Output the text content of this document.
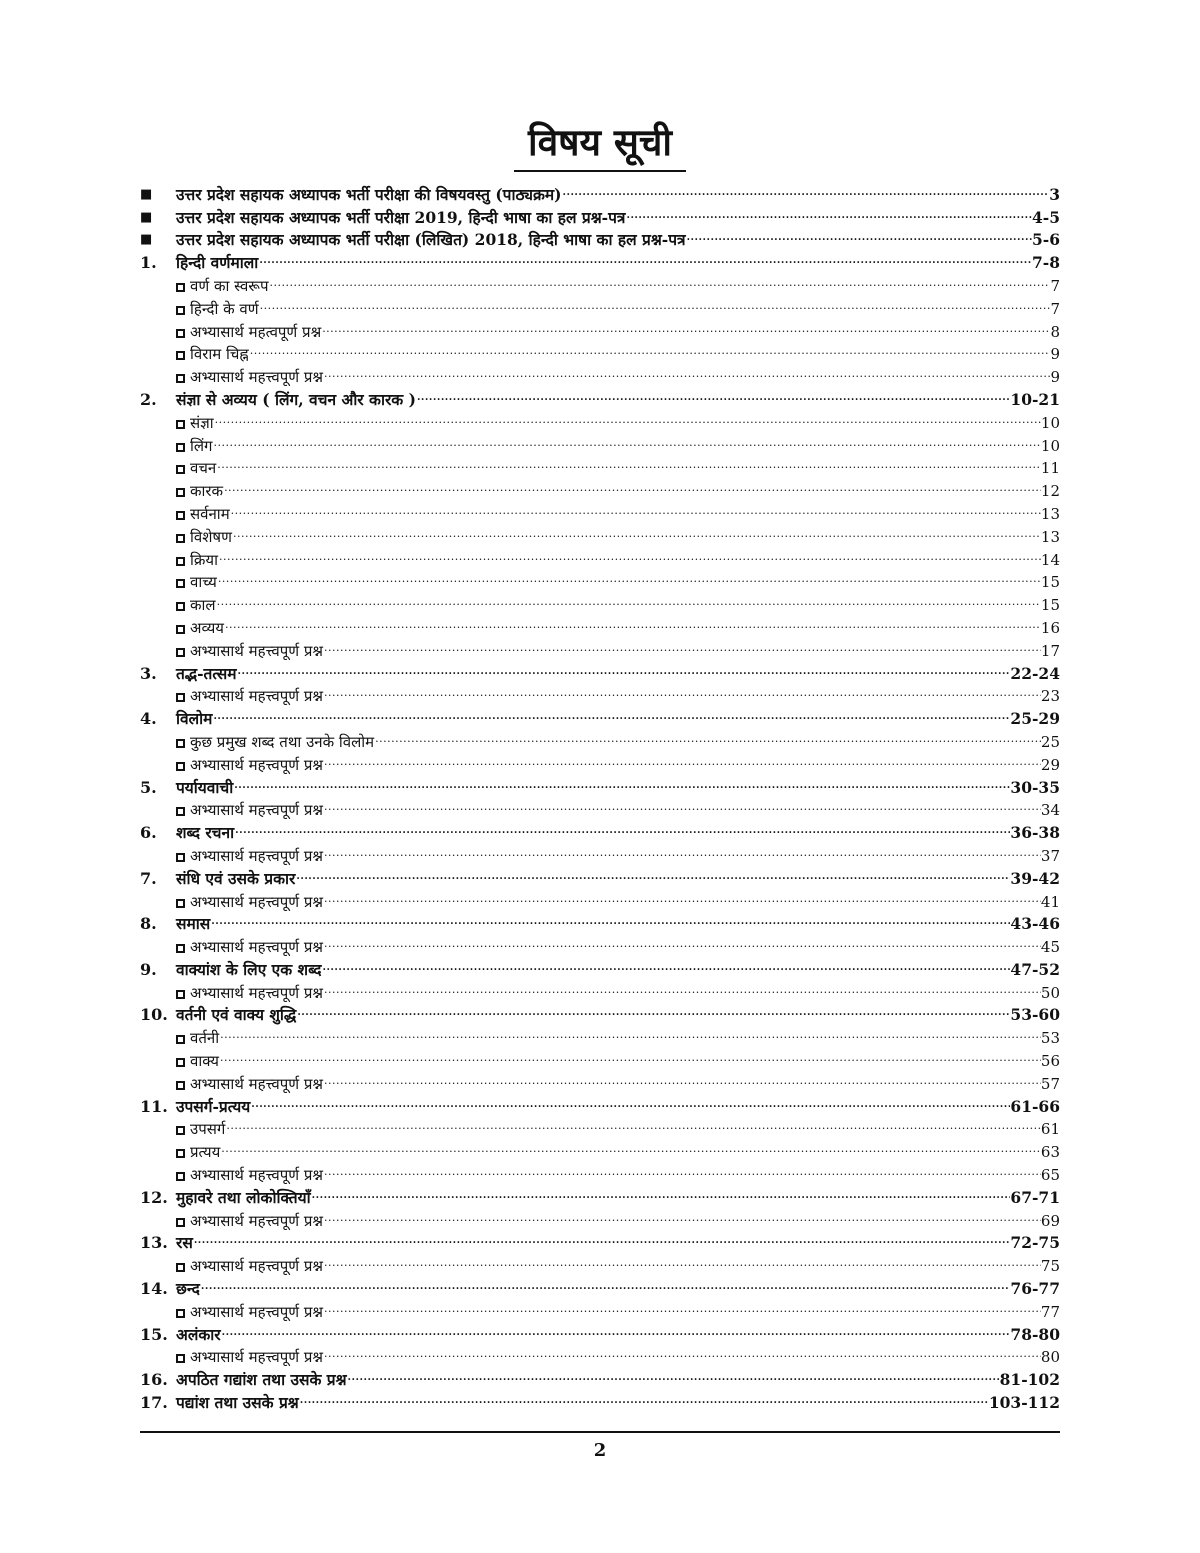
विषय सूची
■	उत्तर प्रदेश सहायक अध्यापक भर्ती परीक्षा की विषयवस्तु (पाठ्यक्रम) .....	3
■	उत्तर प्रदेश सहायक अध्यापक भर्ती परीक्षा 2019, हिन्दी भाषा का हल प्रश्न-पत्र .....	4-5
■	उत्तर प्रदेश सहायक अध्यापक भर्ती परीक्षा (लिखित) 2018, हिन्दी भाषा का हल प्रश्न-पत्र .....	5-6
1.	हिन्दी वर्णमाला .....	7-8
वर्ण का स्वरूप .....	7
हिन्दी के वर्ण .....	7
अभ्यासार्थ महत्वपूर्ण प्रश्न .....	8
विराम चिह्न .....	9
अभ्यासार्थ महत्त्वपूर्ण प्रश्न .....	9
2.	संज्ञा से अव्यय ( लिंग, वचन और कारक ) .....	10-21
संज्ञा .....	10
लिंग .....	10
वचन .....	11
कारक .....	12
सर्वनाम .....	13
विशेषण .....	13
क्रिया .....	14
वाच्य .....	15
काल .....	15
अव्यय .....	16
अभ्यासार्थ महत्त्वपूर्ण प्रश्न .....	17
3.	तद्भ-तत्सम .....	22-24
अभ्यासार्थ महत्त्वपूर्ण प्रश्न .....	23
4.	विलोम .....	25-29
कुछ प्रमुख शब्द तथा उनके विलोम .....	25
अभ्यासार्थ महत्त्वपूर्ण प्रश्न .....	29
5.	पर्यायवाची .....	30-35
अभ्यासार्थ महत्त्वपूर्ण प्रश्न .....	34
6.	शब्द रचना .....	36-38
अभ्यासार्थ महत्त्वपूर्ण प्रश्न .....	37
7.	संधि एवं उसके प्रकार .....	39-42
अभ्यासार्थ महत्त्वपूर्ण प्रश्न .....	41
8.	समास .....	43-46
अभ्यासार्थ महत्त्वपूर्ण प्रश्न .....	45
9.	वाक्यांश के लिए एक शब्द .....	47-52
अभ्यासार्थ महत्त्वपूर्ण प्रश्न .....	50
10. वर्तनी एवं वाक्य शुद्धि .....	53-60
वर्तनी .....	53
वाक्य .....	56
अभ्यासार्थ महत्त्वपूर्ण प्रश्न .....	57
11. उपसर्ग-प्रत्यय .....	61-66
उपसर्ग .....	61
प्रत्यय .....	63
अभ्यासार्थ महत्त्वपूर्ण प्रश्न .....	65
12. मुहावरे तथा लोकोक्तियाँ .....	67-71
अभ्यासार्थ महत्त्वपूर्ण प्रश्न .....	69
13. रस .....	72-75
अभ्यासार्थ महत्त्वपूर्ण प्रश्न .....	75
14. छन्द .....	76-77
अभ्यासार्थ महत्त्वपूर्ण प्रश्न .....	77
15. अलंकार .....	78-80
अभ्यासार्थ महत्त्वपूर्ण प्रश्न .....	80
16. अपठित गद्यांश तथा उसके प्रश्न .....	81-102
17. पद्यांश तथा उसके प्रश्न .....	103-112
2
